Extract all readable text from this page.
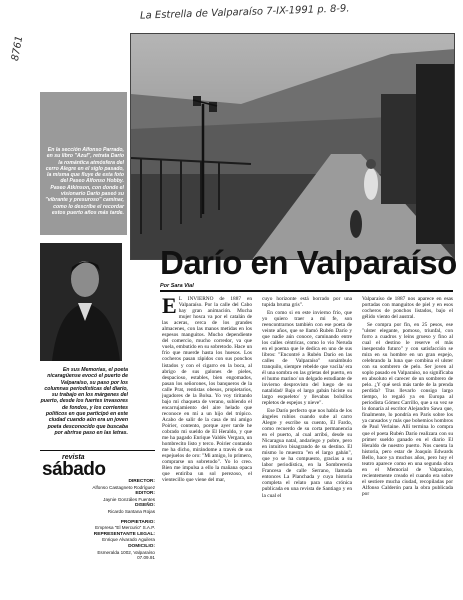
La Estrella de Valparaíso 7-IX-1991 p. 8-9.
8761
En la sección Alfonso Parrado, en su libro "Azul", retrata Darío la romántica atmósfera del cerro Alegre en el siglo pasado, la misma que fluye de esta foto del Paseo Alfonso Hobby. Paseo Atkinson, con donde el visionario Darío paseó su "vibrante y presuroso" caminar, como lo describe el recordar estos puerto años más tarde.
En sus Memorias, el poeta nicaragüense evocó el puerto de Valparaíso, su paso por los columnas periodísticas del diario, su trabajo en los márgenes del puerto, desde los fuertes invasores de fondos, y los corrientes políticos en que participó en este ciudad cuando aún era un joven poeta desconocido que buscaba por abrirse paso en las letras.
Darío en Valparaíso
Por Sara Vial

E L INVIERNO de 1887 en Valparaíso. Por la calle del Cabo hay gran animación. Mucha mujer hosca va por el catalán de las aceras, cerca de los grandes almacenes, con las manos metidas en los espesos manguitos. Mucho dependiente del comercio, mucho corredor, va que vuela, embutido en su sobretodo. Hace un frío que muerde hasta los huesos. Los cocheros pasan rápidos con sus ponchos listados y con el cigarro en la boca, al abrigo de sus galones de pieles, despacioso, estables, bien engomados, pasan los señorones, los banqueros de la calle Prat, rentistas obesos, propietarios, jugadores de la Bolsa. Yo voy tiritando bajo mi chaqueta de verano, subiendo el encarrujamiento del aire helado que reconoce en mí a un hijo del trópico. Acabo de salir de la casa de mi amigo Poirier, contento, porque ayer tarde he cobrado mi sueldo de El Heraldo, y que me ha pagado Enrique Valdés Vergara, un hombrecito listo y terco. Poirier contando me ha dicho, mirándome a través de sus espejuelos de oro: "Mi amigo, lo primero, comprarse un sobretodo". Yo lo creo. Bien me impulsa a ello la mañana opaca que entiriba un sol perezoso, el vientecillo que viene del mar,

cuyo horizonte está borrado por una tupida bruma gris".

En como si en este invierno frío, que yo quiero traer a mi fe, son reencontrarnos también con ese poeta de veinte años, que se llamó Rubén Darío y que nadie aún conoce, caminando entre los calles céntricas, como lo vio Neruda en el poema que le dedica en uno de sus libros: "Encontré a Rubén Darío en las calles de Valparaíso" sonámbulo tranquilo, siempre rebelde que vacila/ era él una sombra en las grietas del puerto, en el humo marino/ un delgado estudiante de invierno desprovisto del luego de su natalidad/ Bajo el largo gabán hiciste su largo esqueleto/ y llevabas bolsillos repletos de espejos y nieve".

Ese Darío perfecto que nos habla de los ángeles rubios cuando sube al carro Alegre y escribe su cuento, El Fardo, como recuerdo de su corta permanencia en el puerto, al cual arribó, desde su Nicaragua natal, andariego y pobre, pero en intuitivo bisagrando de su destino. El mismo lo muestra "en el largo gabán", que yo se ha compuesto, gracias a su labor periodística, en la Sombrerería Francesa de calle Serrano, llamada entonces La Planchada y cuya historia completa el relato para una crónica publicada en una revista de Santiago y en la cual el

Valparaíso de 1887 nos aparece en esas portadas con manguitos de piel y en esos cocheros de ponchos listados, bajo el gélido viento del austral.

Se compra por fin, en 25 pesos, ese "ulster elegante, pomoso, triunfal, con forro a cuadros y leíns grueso y fino al cual el destino le reserve el más inesperado futuro" y con satisfacción se mira en su hombre en un gran espejo, celebrando la luna que combina el ulster con su sombrero de pelo. Ser joven al soplo pasado en Valparaíso, no significaba en absoluto el carecer de un sombrero de pelo. ¿Y qué será más tarde de la prenda perdida? Tras llevarlo consigo largo tiempo, lo regaló ya en Europa al periodista Gómez Carrillo, que a su vez se lo donaría al escritor Alejandro Sawa que, finalmente, lo pondría en París sobre los ya cansados y más que bohemios hombros de Paul Verlaine. Allí termina lo compra que el poeta Rubén Darío realizara con su primer sueldo ganado en el diario El Heraldo de nuestro puerto. Nos cuenta la historia, pero estar de Joaquín Edwards Bello, hace ya muchos años, pero hoy el teatro aparece como en una segunda obra en el Memorial de Valparaíso, recientemente creado el cuando era sobre el sestiere mucha ciudad, recopiladas por Alfonso Calderón para la obra publicada por

revista
sábado
DIRECTOR:
Alfonso Castagneto Rodríguez
EDITOR:
Jaynie Gonzáles Fuentes
DISEÑO:
Ricardo Santana Rojas
PROPIETARIO:
Empresa "El Mercurio" S.A.P.
REPRESENTANTE LEGAL:
Enrique Alvarado Aguilera
DOMICILIO:
Esmeralda 1002, Valparaíso
07.09.91
